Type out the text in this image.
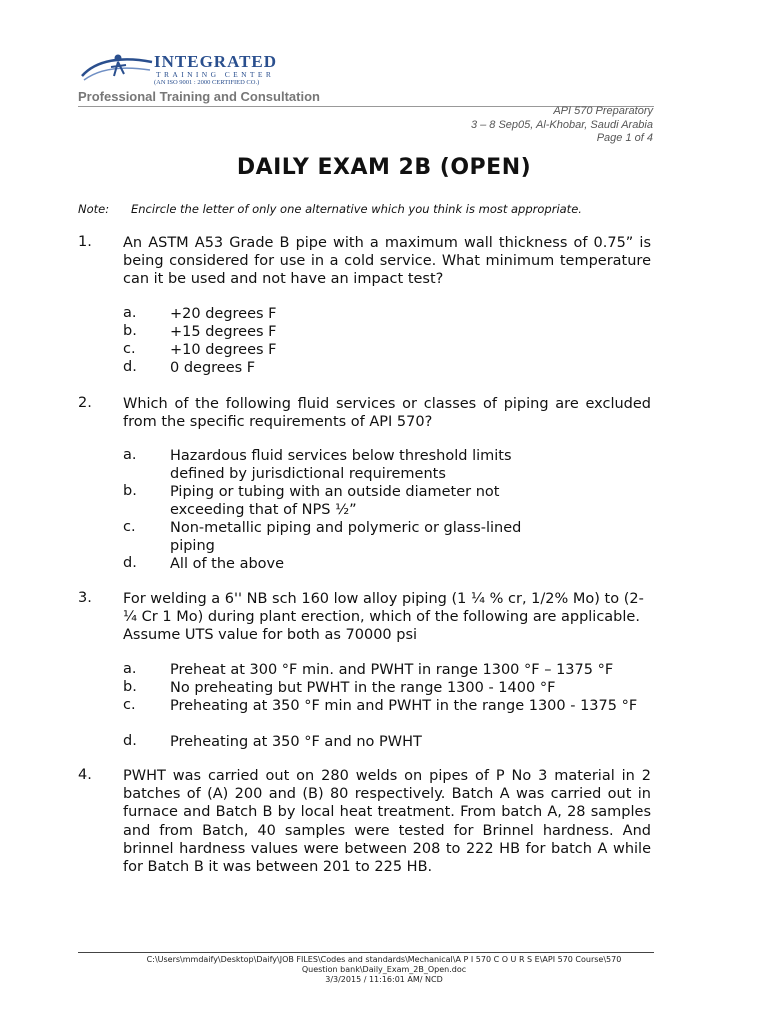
INTEGRATED
TRAINING CENTER
(AN ISO 9001 : 2000 CERTIFIED CO.)
Professional Training and Consultation
API 570 Preparatory
3 – 8 Sep05, Al-Khobar, Saudi Arabia
Page 1 of 4
DAILY EXAM 2B (OPEN)
Note: Encircle the letter of only one alternative which you think is most appropriate.
1. An ASTM A53 Grade B pipe with a maximum wall thickness of 0.75” is being considered for use in a cold service. What minimum temperature can it be used and not have an impact test?
a. +20 degrees F
b. +15 degrees F
c. +10 degrees F
d. 0 degrees F
2. Which of the following fluid services or classes of piping are excluded from the specific requirements of API 570?
a. Hazardous fluid services below threshold limits defined by jurisdictional requirements
b. Piping or tubing with an outside diameter not exceeding that of NPS ½”
c. Non-metallic piping and polymeric or glass-lined piping
d. All of the above
3. For welding a 6'' NB sch 160 low alloy piping (1 ¼ % cr, 1/2% Mo) to (2-¼ Cr 1 Mo) during plant erection, which of the following are applicable. Assume UTS value for both as 70000 psi
a. Preheat at 300 °F min. and PWHT in range 1300 °F – 1375 °F
b. No preheating but PWHT in the range 1300 - 1400 °F
c. Preheating at 350 °F min and PWHT in the range 1300 - 1375 °F
d. Preheating at 350 °F and no PWHT
4. PWHT was carried out on 280 welds on pipes of P No 3 material in 2 batches of (A) 200 and (B) 80 respectively. Batch A was carried out in furnace and Batch B by local heat treatment. From batch A, 28 samples and from Batch, 40 samples were tested for Brinnel hardness. And brinnel hardness values were between 208 to 222 HB for batch A while for Batch B it was between 201 to 225 HB.
C:\Users\mmdaify\Desktop\Daify\JOB FILES\Codes and standards\Mechanical\A P I 570 C O U R S E\API 570 Course\570
Question bank\Daily_Exam_2B_Open.doc
3/3/2015 / 11:16:01 AM/ NCD
